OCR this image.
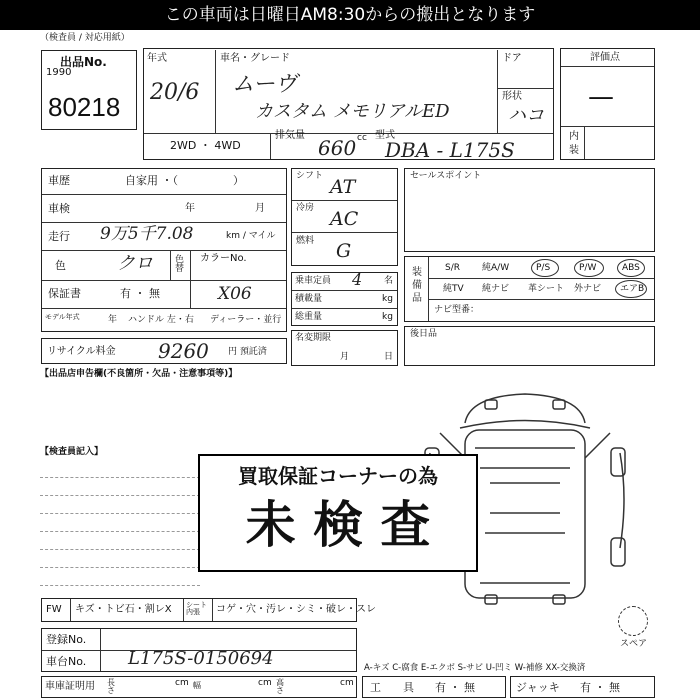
この車両は日曜日AM8:30からの搬出となります
（検査員 / 対応用紙）
出品No.
1990
80218
年式
20/6
車名・グレード
ムーヴ
カスタム メモリアルED
ドア
形状
ハコ
2WD ・ 4WD
排気量
660 cc 型式
DBA - L175S
評価点
—
内
装
車歴	自家用 ・（　　　　　）
車検	年	月
走行 9万5千7.08	km / マイル
色	クロ 色替
カラーNo.
X06
保証書	有 ・ 無
モデル年式	年 ハンドル 左・右 ディーラー・並行
シフト AT
冷房 AC
燃料 G
乗車定員 4 名
積載量	kg
総重量	kg
名変期限
月	日
セールスポイント
装備品
S/R 純A/W	P/S	P/W	ABS
純TV 純ナビ 革シート 外ナビ エアB
ナビ型番：
後日品
リサイクル料金 9260 円 預託済
【出品店申告欄(不良箇所・欠品・注意事項等)】
【検査員記入】
買取保証コーナーの為
未 検 査
スペア
FW キズ・トビ石・割レX シート内張	コゲ・穴・汚レ・シミ・破レ・スレ
登録No.
車台No. L175S-0150694
車庫証明用 長さ
cm 幅	cm 高さ
cm
A-キズ C-腐食 E-エクボ S-サビ U-凹ミ W-補修 XX-交換済
工　　具 有 ・ 無	ジャッキ 有 ・ 無
